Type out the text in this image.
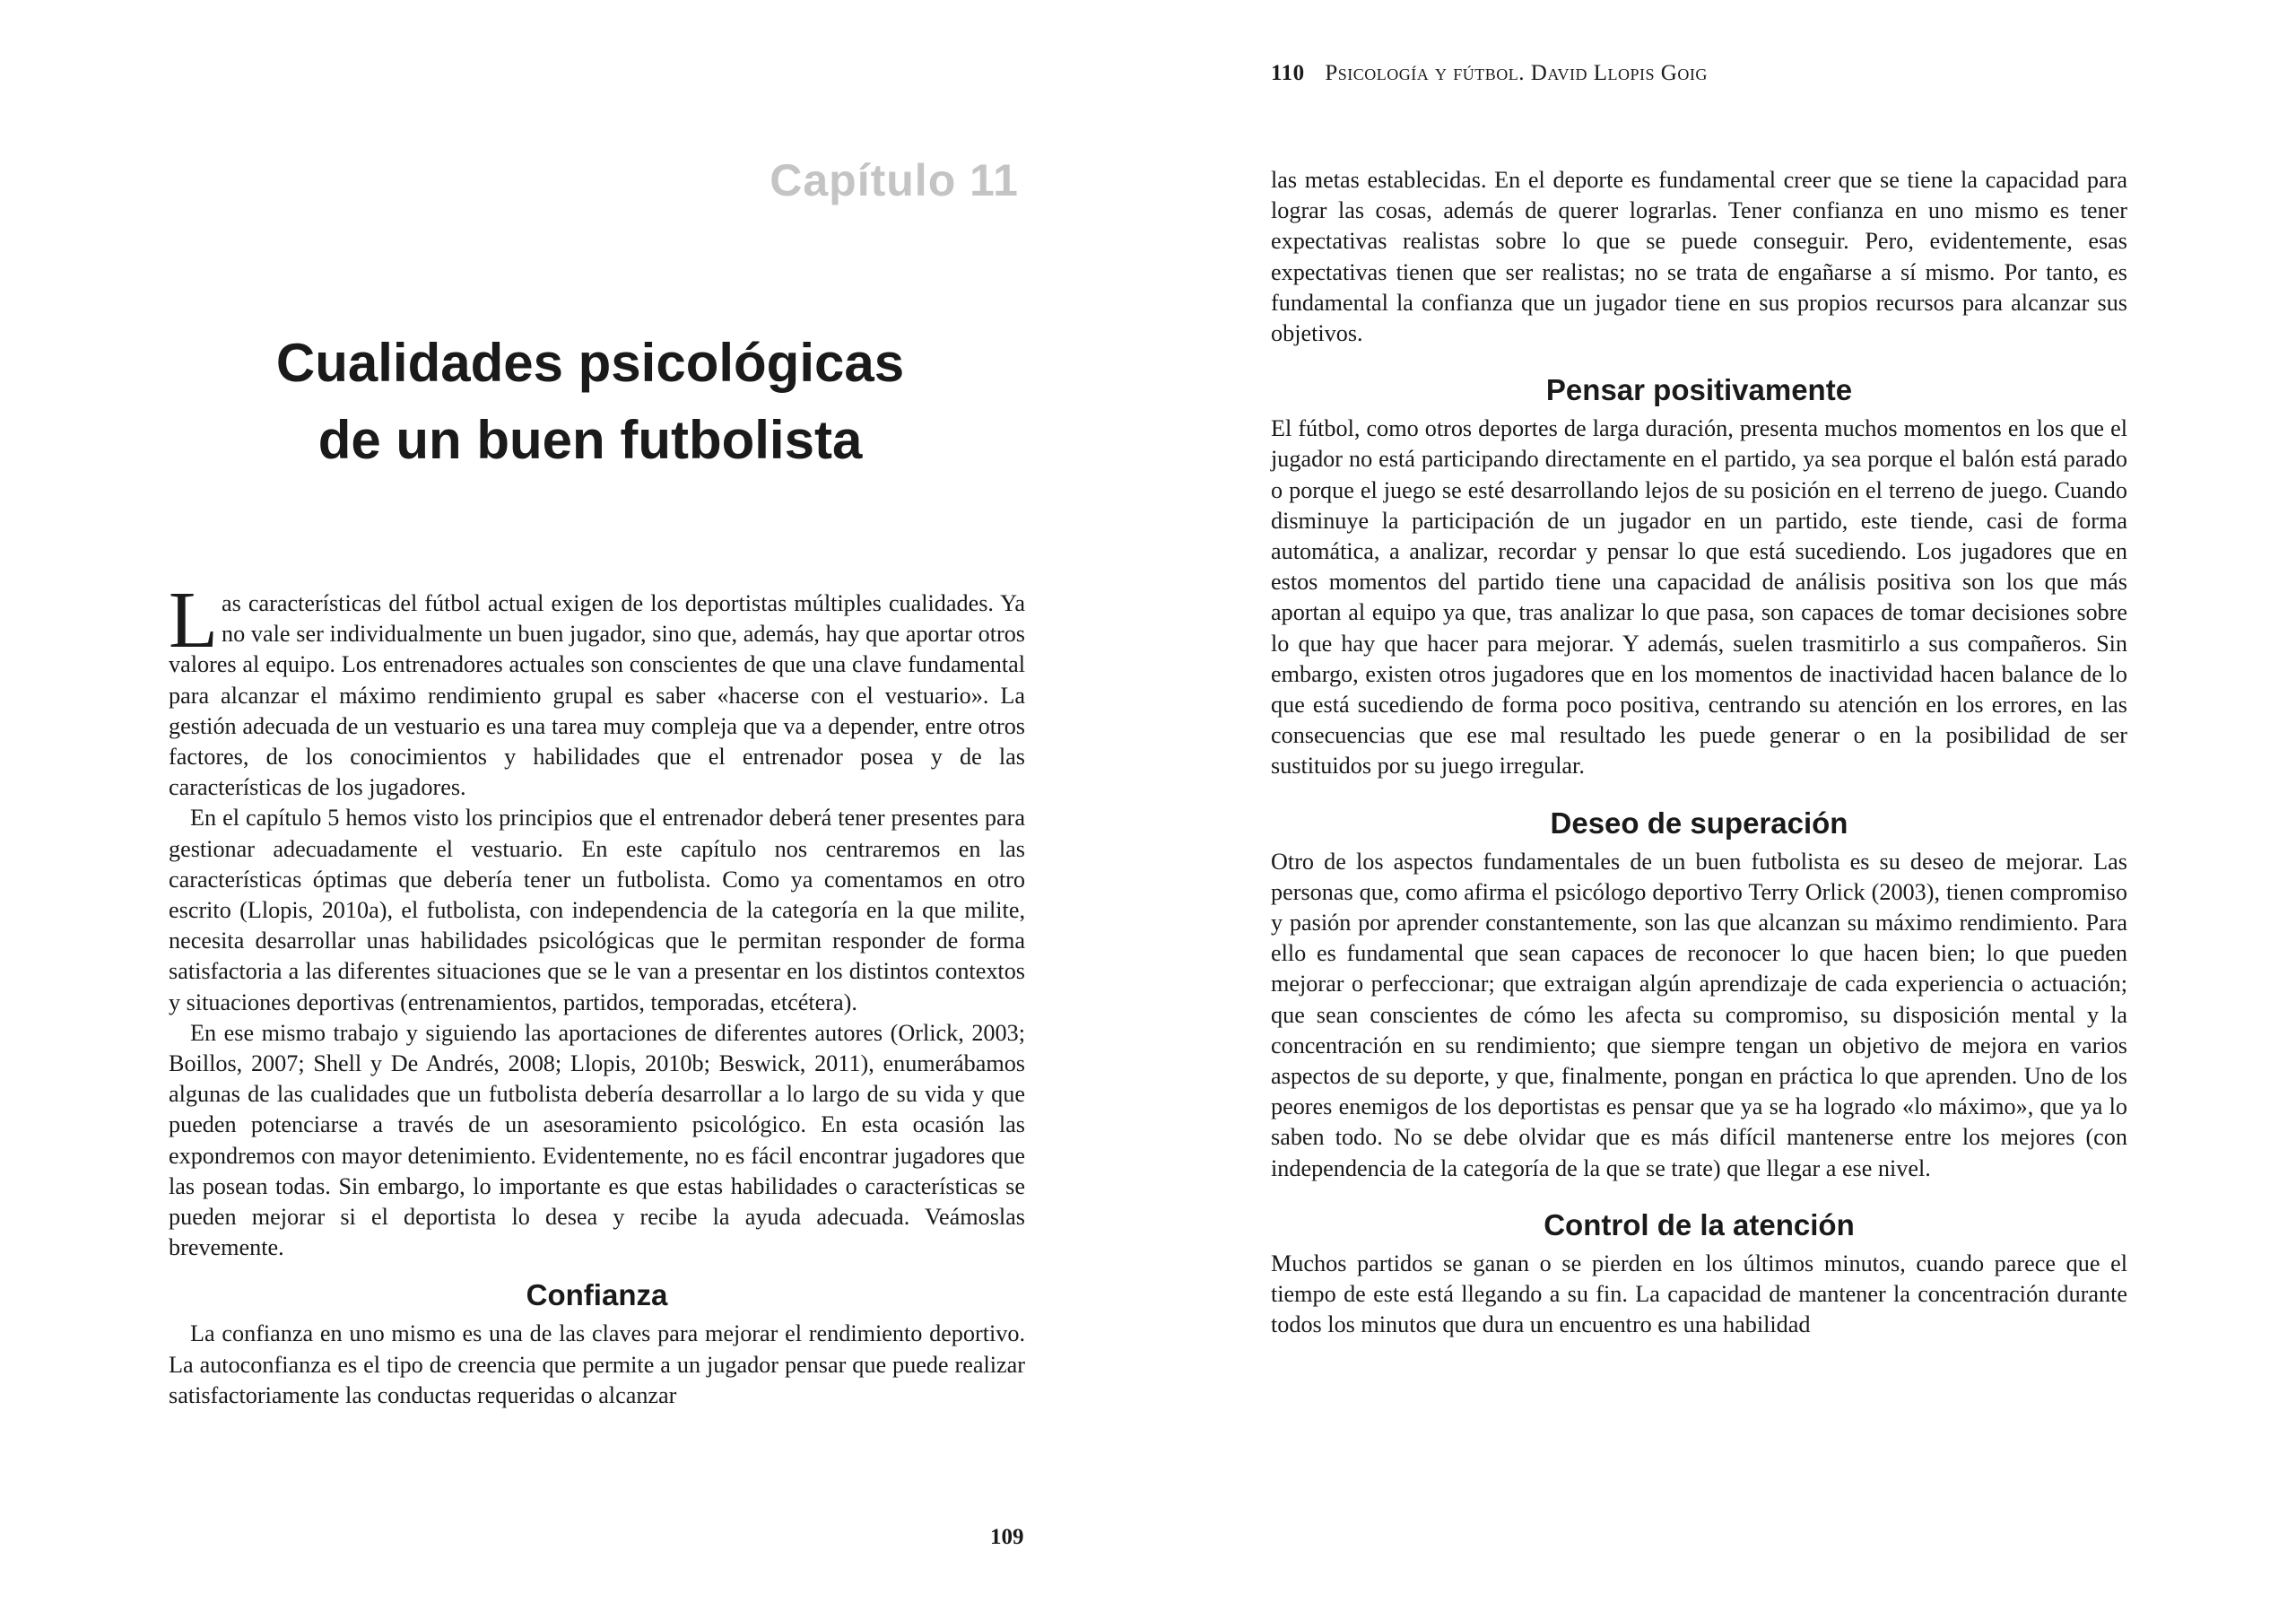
Capítulo 11
Cualidades psicológicas
de un buen futbolista

Las características del fútbol actual exigen de los deportistas múltiples cualidades. Ya no vale ser individualmente un buen jugador, sino que, además, hay que aportar otros valores al equipo. Los entrenadores actuales son conscientes de que una clave fundamental para alcanzar el máximo rendimiento grupal es saber «hacerse con el vestuario». La gestión adecuada de un vestuario es una tarea muy compleja que va a depender, entre otros factores, de los conocimientos y habilidades que el entrenador posea y de las características de los jugadores.

En el capítulo 5 hemos visto los principios que el entrenador deberá tener presentes para gestionar adecuadamente el vestuario. En este capítulo nos centraremos en las características óptimas que debería tener un futbolista. Como ya comentamos en otro escrito (Llopis, 2010a), el futbolista, con independencia de la categoría en la que milite, necesita desarrollar unas habilidades psicológicas que le permitan responder de forma satisfactoria a las diferentes situaciones que se le van a presentar en los distintos contextos y situaciones deportivas (entrenamientos, partidos, temporadas, etcétera).

En ese mismo trabajo y siguiendo las aportaciones de diferentes autores (Orlick, 2003; Boillos, 2007; Shell y De Andrés, 2008; Llopis, 2010b; Beswick, 2011), enumerábamos algunas de las cualidades que un futbolista debería desarrollar a lo largo de su vida y que pueden potenciarse a través de un asesoramiento psicológico. En esta ocasión las expondremos con mayor detenimiento. Evidentemente, no es fácil encontrar jugadores que las posean todas. Sin embargo, lo importante es que estas habilidades o características se pueden mejorar si el deportista lo desea y recibe la ayuda adecuada. Veámoslas brevemente.

Confianza

La confianza en uno mismo es una de las claves para mejorar el rendimiento deportivo. La autoconfianza es el tipo de creencia que permite a un jugador pensar que puede realizar satisfactoriamente las conductas requeridas o alcanzar

109
110 Psicología y fútbol. David Llopis Goig

las metas establecidas. En el deporte es fundamental creer que se tiene la capacidad para lograr las cosas, además de querer lograrlas. Tener confianza en uno mismo es tener expectativas realistas sobre lo que se puede conseguir. Pero, evidentemente, esas expectativas tienen que ser realistas; no se trata de engañarse a sí mismo. Por tanto, es fundamental la confianza que un jugador tiene en sus propios recursos para alcanzar sus objetivos.

Pensar positivamente

El fútbol, como otros deportes de larga duración, presenta muchos momentos en los que el jugador no está participando directamente en el partido, ya sea porque el balón está parado o porque el juego se esté desarrollando lejos de su posición en el terreno de juego. Cuando disminuye la participación de un jugador en un partido, este tiende, casi de forma automática, a analizar, recordar y pensar lo que está sucediendo. Los jugadores que en estos momentos del partido tiene una capacidad de análisis positiva son los que más aportan al equipo ya que, tras analizar lo que pasa, son capaces de tomar decisiones sobre lo que hay que hacer para mejorar. Y además, suelen trasmitirlo a sus compañeros. Sin embargo, existen otros jugadores que en los momentos de inactividad hacen balance de lo que está sucediendo de forma poco positiva, centrando su atención en los errores, en las consecuencias que ese mal resultado les puede generar o en la posibilidad de ser sustituidos por su juego irregular.

Deseo de superación

Otro de los aspectos fundamentales de un buen futbolista es su deseo de mejorar. Las personas que, como afirma el psicólogo deportivo Terry Orlick (2003), tienen compromiso y pasión por aprender constantemente, son las que alcanzan su máximo rendimiento. Para ello es fundamental que sean capaces de reconocer lo que hacen bien; lo que pueden mejorar o perfeccionar; que extraigan algún aprendizaje de cada experiencia o actuación; que sean conscientes de cómo les afecta su compromiso, su disposición mental y la concentración en su rendimiento; que siempre tengan un objetivo de mejora en varios aspectos de su deporte, y que, finalmente, pongan en práctica lo que aprenden. Uno de los peores enemigos de los deportistas es pensar que ya se ha logrado «lo máximo», que ya lo saben todo. No se debe olvidar que es más difícil mantenerse entre los mejores (con independencia de la categoría de la que se trate) que llegar a ese nivel.

Control de la atención

Muchos partidos se ganan o se pierden en los últimos minutos, cuando parece que el tiempo de este está llegando a su fin. La capacidad de mantener la concentración durante todos los minutos que dura un encuentro es una habilidad
